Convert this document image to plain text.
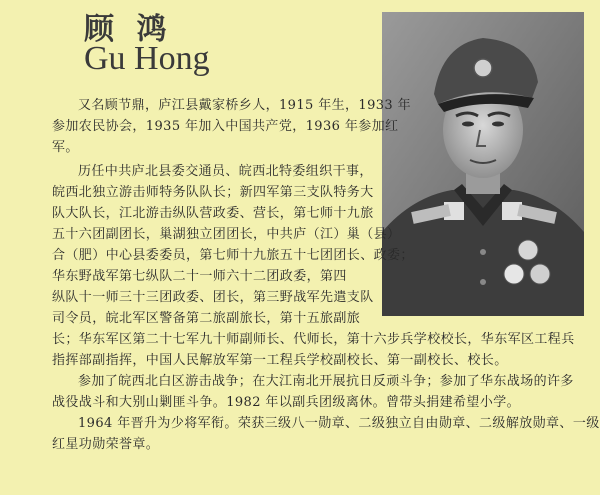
顾 鸿
Gu Hong
又名顾节鼎，庐江县戴家桥乡人，1915 年生，1933 年
参加农民协会，1935 年加入中国共产党，1936 年参加红
军。
历任中共庐北县委交通员、皖西北特委组织干事，
皖西北独立游击师特务队队长；新四军第三支队特务大
队大队长，江北游击纵队营政委、营长，第七师十九旅
五十六团副团长，巢湖独立团团长，中共庐（江）巢（县）
合（肥）中心县委委员，第七师十九旅五十七团团长、政委；
华东野战军第七纵队二十一师六十二团政委，第四
纵队十一师三十三团政委、团长，第三野战军先遣支队
司令员，皖北军区警备第二旅副旅长，第十五旅副旅
长；华东军区第二十七军九十师副师长、代师长，第十六步兵学校校长，华东军区工程兵
指挥部副指挥，中国人民解放军第一工程兵学校副校长、第一副校长、校长。
参加了皖西北白区游击战争；在大江南北开展抗日反顽斗争；参加了华东战场的许多
战役战斗和大别山剿匪斗争。1982 年以副兵团级离休。曾带头捐建希望小学。
1964 年晋升为少将军衔。荣获三级八一勋章、二级独立自由勋章、二级解放勋章、一级
红星功勋荣誉章。
